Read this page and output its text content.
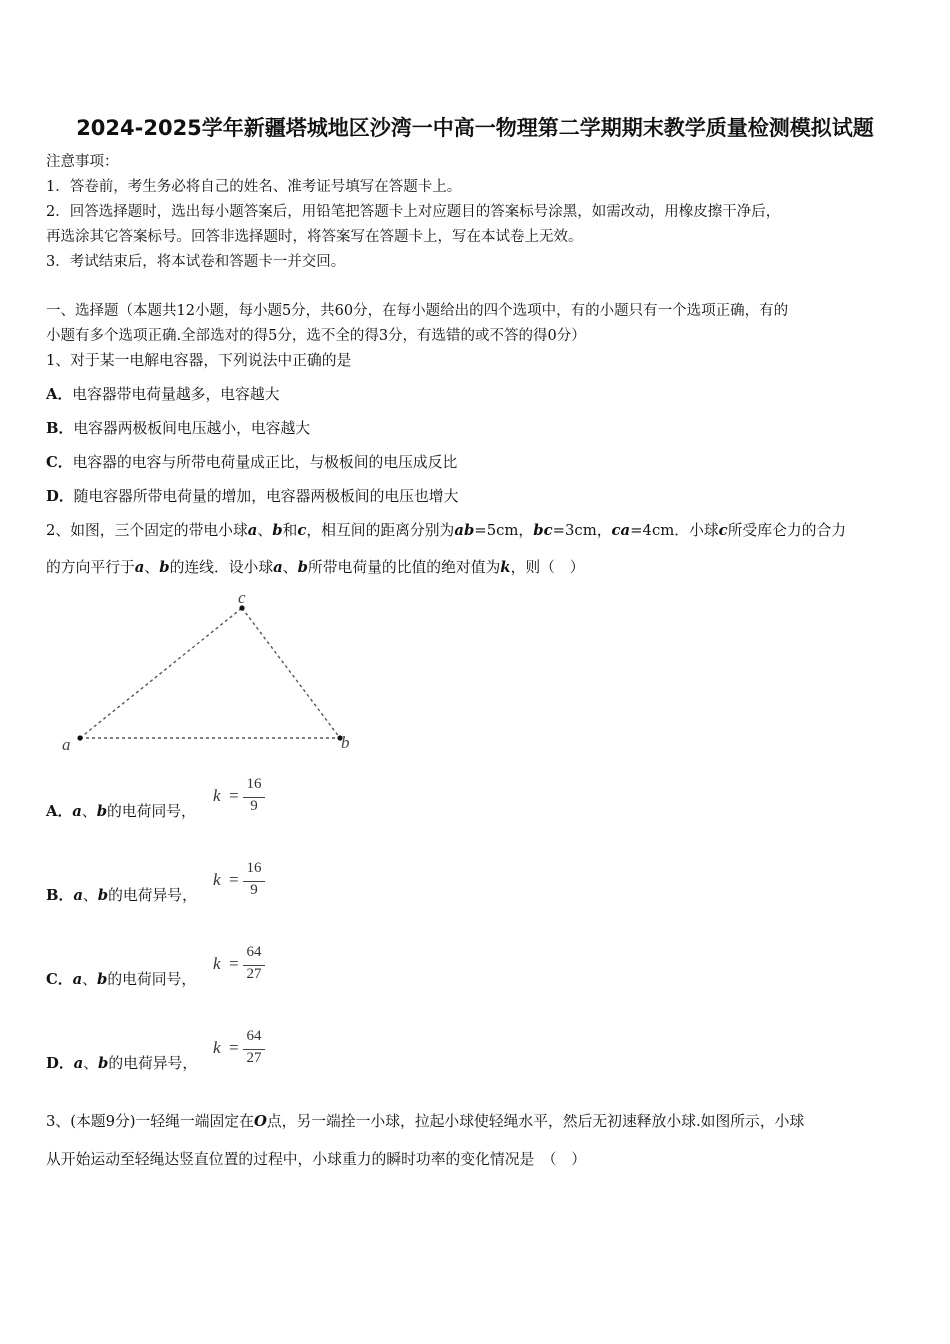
2024-2025学年新疆塔城地区沙湾一中高一物理第二学期期末教学质量检测模拟试题
注意事项：
1．答卷前，考生务必将自己的姓名、准考证号填写在答题卡上。
2．回答选择题时，选出每小题答案后，用铅笔把答题卡上对应题目的答案标号涂黑，如需改动，用橡皮擦干净后，
再选涂其它答案标号。回答非选择题时，将答案写在答题卡上，写在本试卷上无效。
3．考试结束后，将本试卷和答题卡一并交回。
一、选择题（本题共12小题，每小题5分，共60分，在每小题给出的四个选项中，有的小题只有一个选项正确，有的
小题有多个选项正确.全部选对的得5分，选不全的得3分，有选错的或不答的得0分）
1、对于某一电解电容器，下列说法中正确的是
A．电容器带电荷量越多，电容越大
B．电容器两极板间电压越小，电容越大
C．电容器的电容与所带电荷量成正比，与极板间的电压成反比
D．随电容器所带电荷量的增加，电容器两极板间的电压也增大
2、如图，三个固定的带电小球a、b和c，相互间的距离分别为ab=5cm，bc=3cm，ca=4cm．小球c所受库仑力的合力
的方向平行于a、b的连线．设小球a、b所带电荷量的比值的绝对值为k，则（　）
a	b
c
A．a、b的电荷同号，
k =
16
9
B．a、b的电荷异号，
k =
16
9
C．a、b的电荷同号，
k =
64
27
D．a、b的电荷异号，
k =
64
27
3、(本题9分)一轻绳一端固定在O点，另一端拴一小球，拉起小球使轻绳水平，然后无初速释放小球.如图所示，小球
从开始运动至轻绳达竖直位置的过程中，小球重力的瞬时功率的变化情况是　（　）
